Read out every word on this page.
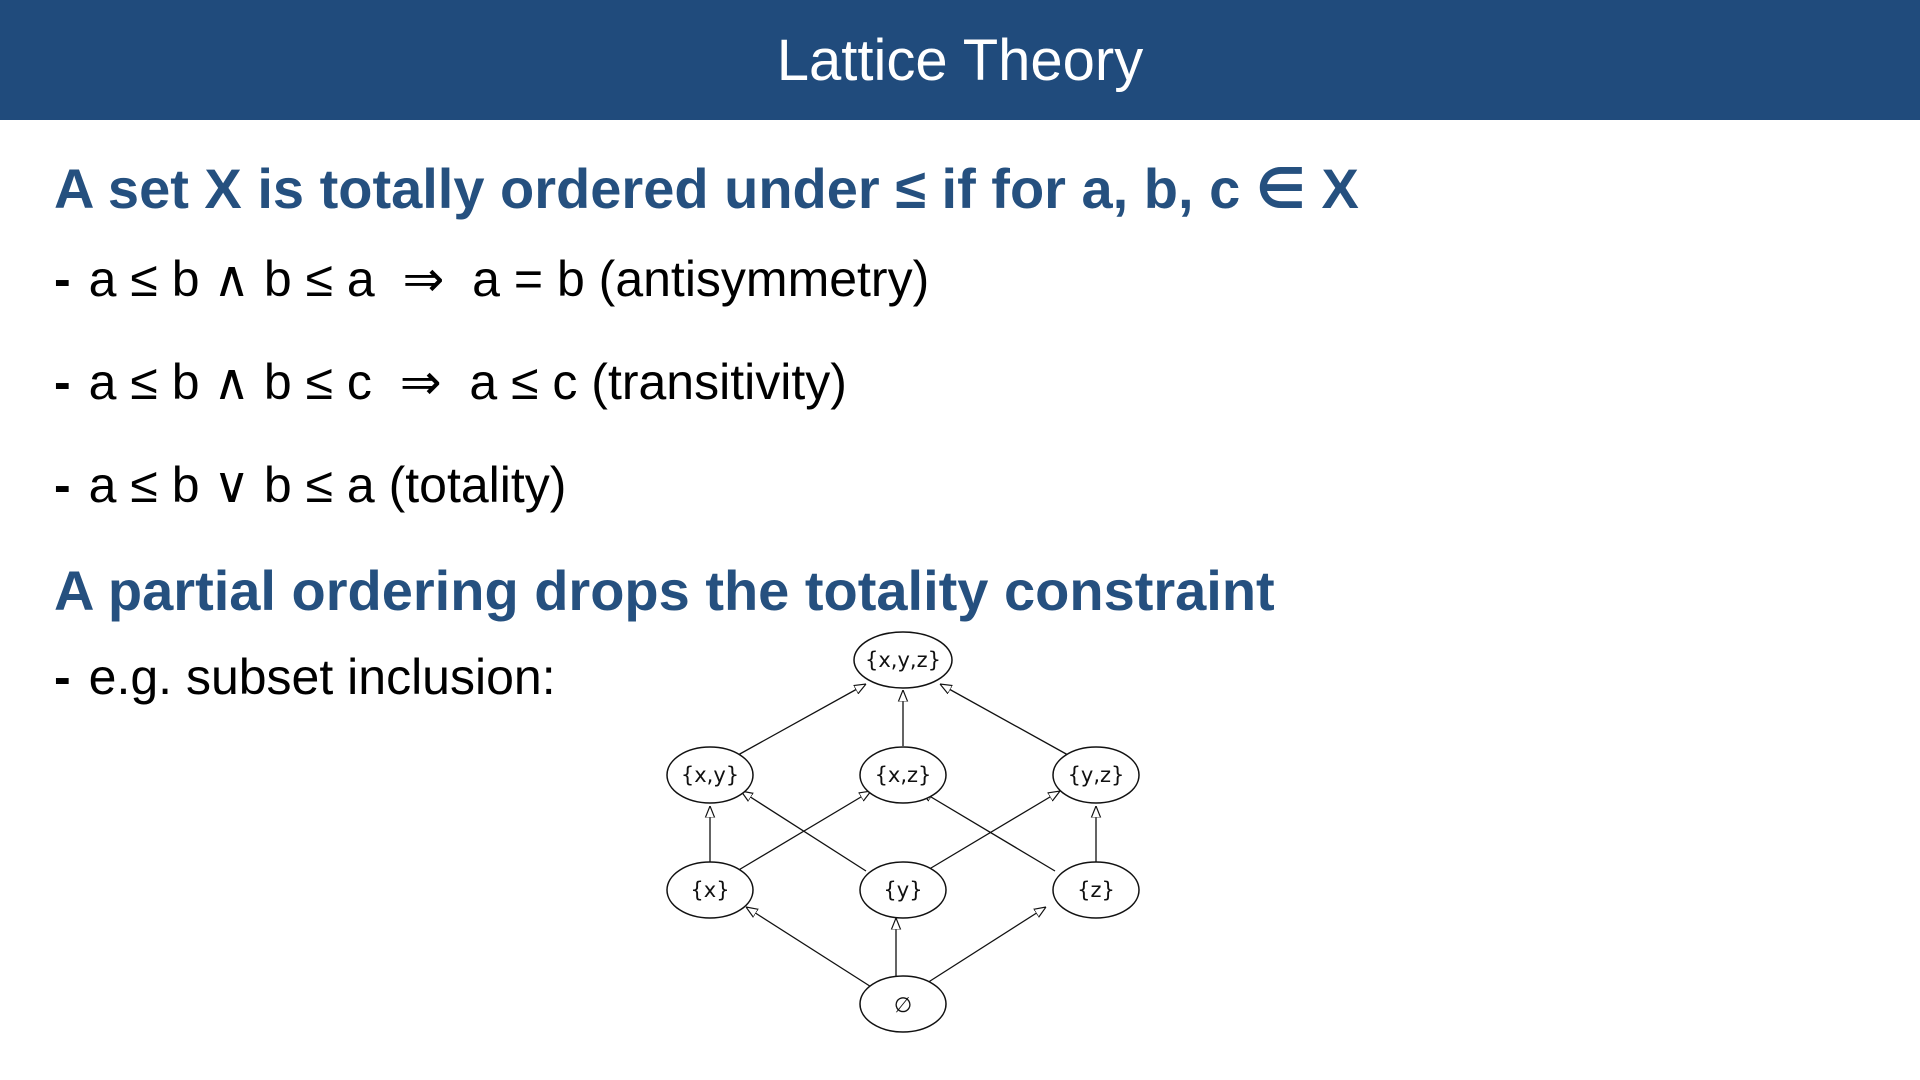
Lattice Theory

A set X is totally ordered under ≤ if for a, b, c ∈ X

- a ≤ b ∧ b ≤ a  ⇒  a = b (antisymmetry)

- a ≤ b ∧ b ≤ c  ⇒  a ≤ c (transitivity)

- a ≤ b ∨ b ≤ a (totality)

A partial ordering drops the totality constraint

- e.g. subset inclusion:	{x,y,z}
{x,y}	{x,z}	{y,z}
{x}	{y}	{z}
∅
